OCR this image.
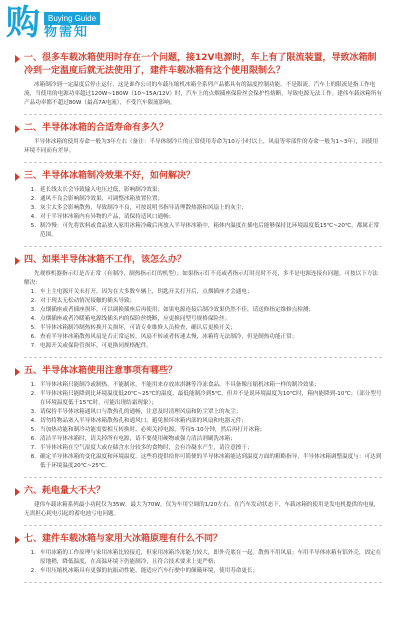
购	Buying Guide
物需知
一、很多车载冰箱使用时存在一个问题，接12V电源时，车上有了限流装置，导致冰箱制冷到一定温度后就无法使用了，建件车载冰箱有这个使用限制么？

冰箱制冷到一定温度后停止运行，这是谁作公司的车载压缩机冰箱全系列产品都具有的温度控制功能，不是限流。汽车上的限流是指工作电流，当使用的电源功率超过120W~180W（10~15A/12V）时，汽车上的点烟插座保险丝会保护性熔断，导致电源无法工作。建伟车载冰箱所有产品功率都不超过80W（最高7A电流），不受汽车限流影响。

二、半导体冰箱的合适寿命有多久？

半导体冰箱的使用寿命一般为3年左右（备注：半导体制冷片的正常使用寿命为10万小时以上，风扇等零部件的寿命一般为1~3年），因使用环境不同而有差异。

三、半导体冰箱制冷效果不好，如何解决？
1. 延长线太长会导致输入电压过低，影响制冷效果；
2. 通风不良会影响制冷效果，可调整冰箱放置位置；
3. 灰尘太多会影响散热，导致制冷不良，可按说明书指导清理散热器和风扇上的灰尘；
4. 对于半导体冰箱内有异物的产品，请保持适风口通畅；
5. 制冷慢：可先将饮料或食品放入家用冰箱冷藏后再放入半导体冰箱中，箱体内温度在插电后能够保持比环境温度低15℃~20℃，都属正常范围。
四、如果半导体冰箱不工作，该怎么办？

先观察机器指示灯是否正常（有制冷、制热指示灯的机型）；如果指示灯不亮或者指示灯时亮时不亮，多半是电源连接有问题。可按以下方法解决：

1. 车上主电源开关未打开，因为在大多数车辆上，钥匙开关打开后，点烟插座才会通电；
2. 对于现太无松动情况接触的插头导致；
3. 点烟插座或者插座损坏，可以调换插座后再使用；如果电源连接后制冷效果仍然不佳，请送修指定维修点检测；
4. 点烟插座或者冷暖箱电源线插头内的保险丝烧断，应更换同型号规格保险丝；
5. 半导体冰箱制冷制热转换开关损坏，可请专业维修人员检查，确认后更换开关；
6. 查看半导体冰箱散热风扇是否正常运转，风扇不转或者转速太慢，冰箱将无法制冷，但是制热功能正常；
7. 电源开关或保险管损坏，可更换同规格配件。
五、半导体冰箱使用注意事项有哪些？
1. 半导体冰箱只能制冷或制热，不能制冰，不能用来存放冰淇淋等冷冻食品，不具备像压缩机冰箱一样的制冷效果；
2. 半导体冰箱只能降到比环境温度低20℃~25℃的温度，最低能制冷到5℃，但并不是说环境温度为10℃时，箱内能降到-10℃；（部分型号在环境温度低于15℃时，可能出现结霜现象）；
3. 请保持半导体冰箱通风口与散热孔的通畅，注意及时清理风扇和防尘罩上的灰尘；
4. 切勿将物品塞入半导体冰箱散热孔和通风口，避免损坏冰箱内部的风扇和电器元件；
5. 当加热功能和制冷功能需要相互转换时，必须关掉电源，等待5-10分钟，然后再打开冰箱；
6. 清洁半导体冰箱时，请关掉所有电源，请不要使用硬物或强力清洁剂刷洗冰箱；
7. 半导体冰箱在空气湿度大或存储含水分较多的食物时，会有冷凝水产生，请注意擦干；
8. 确定半导体冰箱的变化温度和环境温度，这些将提供给你可简便的半导体冰箱能达到温度方面的粗略指导，半导体冰箱调整温度与：可达到低于环境温度20℃~25℃。
六、耗电量大不大？

建伟车载冰箱系列最小功耗仅为35W，最大为70W，仅为车用空调的1/20左右。在汽车发动状态下，车载冰箱的使用是发电机提供的电量，无需担心耗电引起的蓄电池亏电问题。

七、建件车载冰箱与家用大冰箱原理有什么不同？
1. 车用冰箱的工作原理与家用冰箱比较接近，但家用冰箱冷冻能力较大，即外壳底在一起。散热不用风扇；车用半导体冰箱有铝外壳，固定在原地稍，降低温度，在高温环境下仍能制冷，且符合技术要求上更严格；
2. 车用压缩机冰箱具有更强的抗振动性能，能适应汽车行驶中的颠簸环境，使用寿命更长；
